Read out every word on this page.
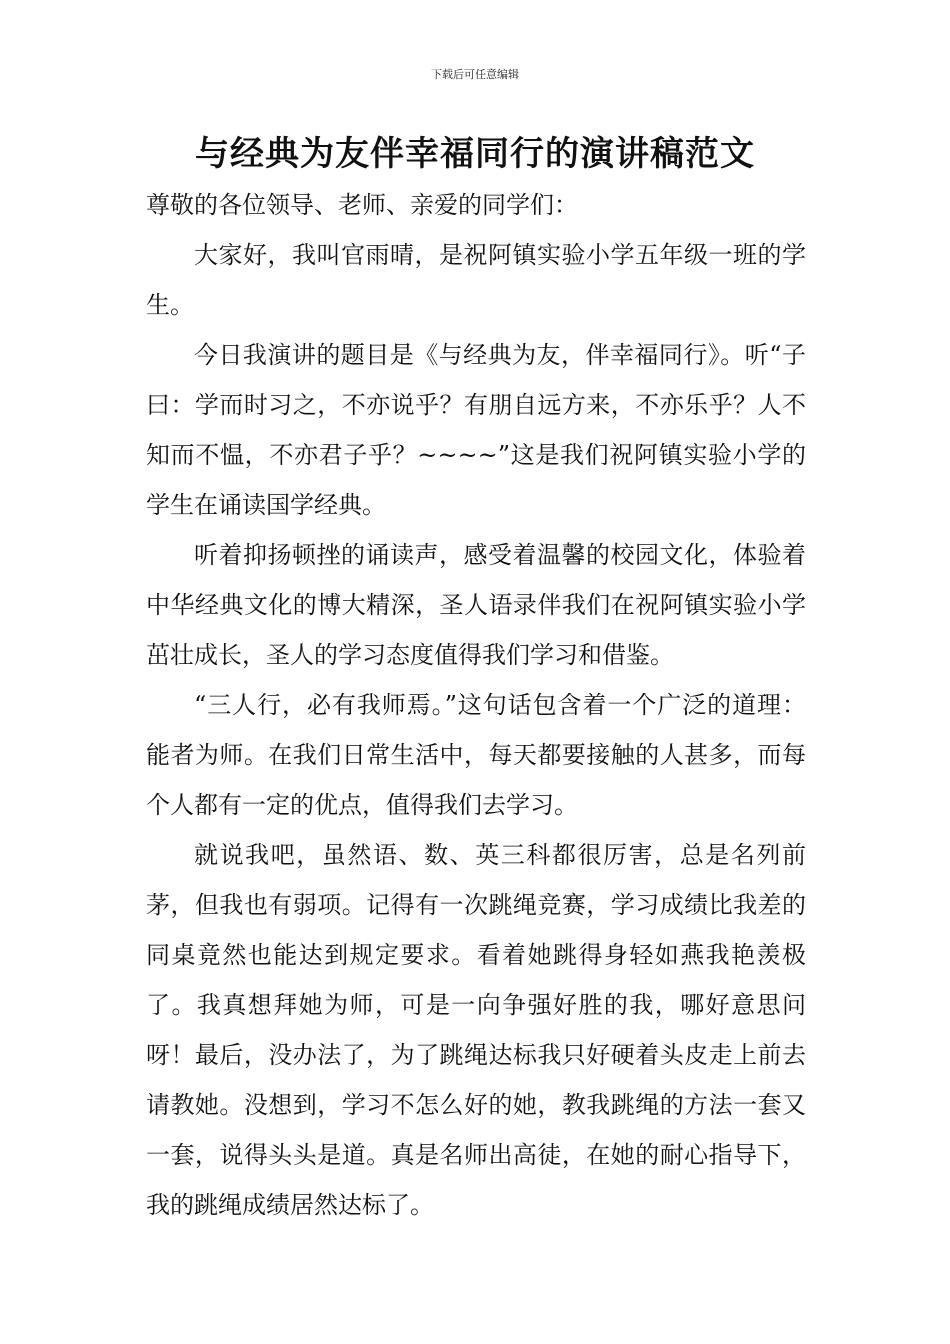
下载后可任意编辑
与经典为友伴幸福同行的演讲稿范文

尊敬的各位领导、老师、亲爱的同学们：

大家好，我叫官雨晴，是祝阿镇实验小学五年级一班的学生。

今日我演讲的题目是《与经典为友，伴幸福同行》。听“子曰：学而时习之，不亦说乎？有朋自远方来，不亦乐乎？人不知而不愠，不亦君子乎？~~~~”这是我们祝阿镇实验小学的学生在诵读国学经典。

听着抑扬顿挫的诵读声，感受着温馨的校园文化，体验着中华经典文化的博大精深，圣人语录伴我们在祝阿镇实验小学茁壮成长，圣人的学习态度值得我们学习和借鉴。

“三人行，必有我师焉。”这句话包含着一个广泛的道理：能者为师。在我们日常生活中，每天都要接触的人甚多，而每个人都有一定的优点，值得我们去学习。

就说我吧，虽然语、数、英三科都很厉害，总是名列前茅，但我也有弱项。记得有一次跳绳竞赛，学习成绩比我差的同桌竟然也能达到规定要求。看着她跳得身轻如燕我艳羡极了。我真想拜她为师，可是一向争强好胜的我，哪好意思问呀！最后，没办法了，为了跳绳达标我只好硬着头皮走上前去请教她。没想到，学习不怎么好的她，教我跳绳的方法一套又一套，说得头头是道。真是名师出高徒，在她的耐心指导下，我的跳绳成绩居然达标了。
